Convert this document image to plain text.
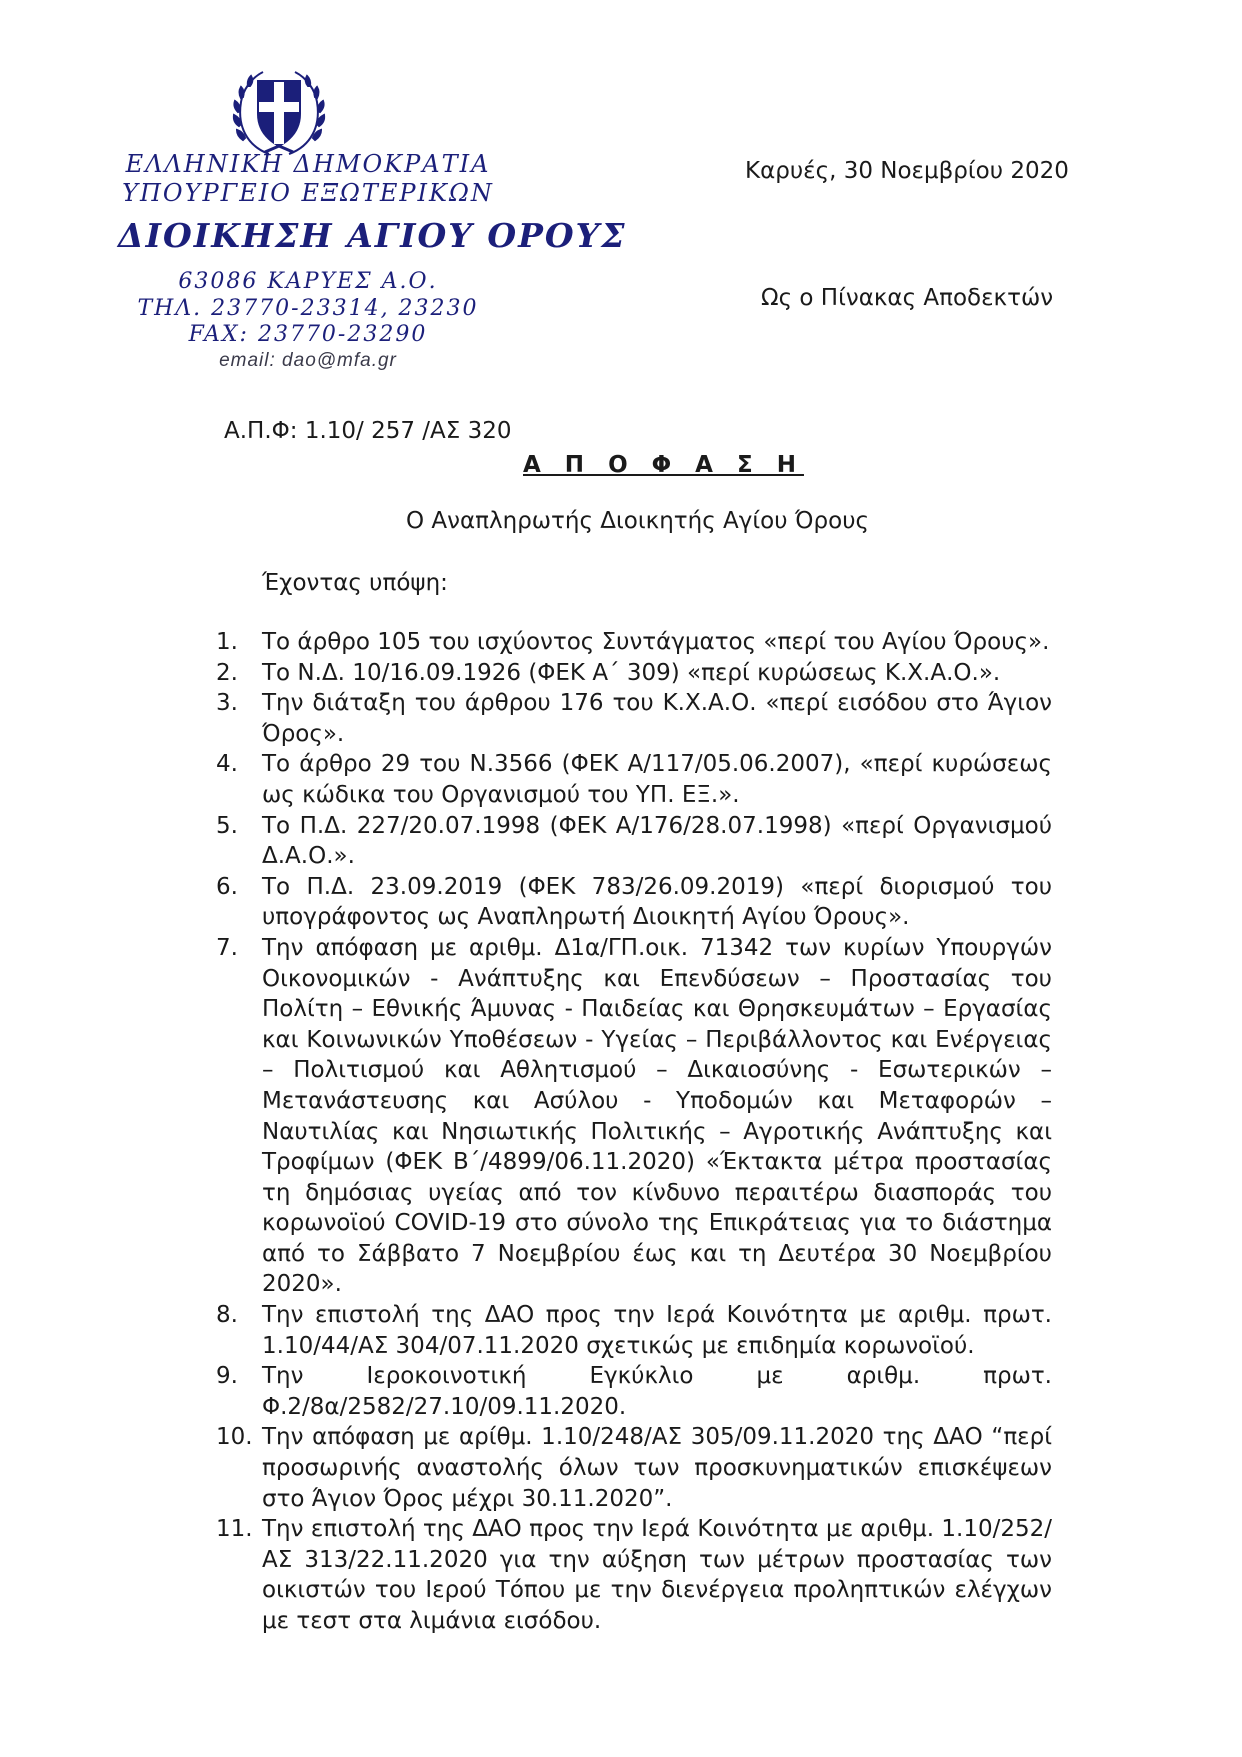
ΕΛΛΗΝΙΚΗ ΔΗΜΟΚΡΑΤΙΑ
ΥΠΟΥΡΓΕΙΟ ΕΞΩΤΕΡΙΚΩΝ
ΔΙΟΙΚΗΣΗ ΑΓΙΟΥ ΟΡΟΥΣ
63086 ΚΑΡΥΕΣ Α.Ο.
ΤΗΛ. 23770-23314, 23230
FAX: 23770-23290
email: dao@mfa.gr
Καρυές, 30 Νοεμβρίου 2020
Ως ο Πίνακας Αποδεκτών
Α.Π.Φ: 1.10/ 257 /ΑΣ 320
Α Π Ο Φ Α Σ Η
Ο Αναπληρωτής Διοικητής Αγίου Όρους
Έχοντας υπόψη:
1.	Το άρθρο 105 του ισχύοντος Συντάγματος «περί του Αγίου Όρους».
2.	Το Ν.Δ. 10/16.09.1926 (ΦΕΚ Α΄ 309) «περί κυρώσεως Κ.Χ.Α.Ο.».
3.	Την διάταξη του άρθρου 176 του Κ.Χ.Α.Ο. «περί εισόδου στο Άγιον Όρος».
4.	Το άρθρο 29 του Ν.3566 (ΦΕΚ Α/117/05.06.2007), «περί κυρώσεως ως κώδικα του Οργανισμού του ΥΠ. ΕΞ.».
5.	Το Π.Δ. 227/20.07.1998 (ΦΕΚ Α/176/28.07.1998) «περί Οργανισμού Δ.Α.Ο.».
6.	Το Π.Δ. 23.09.2019 (ΦΕΚ 783/26.09.2019) «περί διορισμού του υπογράφοντος ως Αναπληρωτή Διοικητή Αγίου Όρους».
7.	Την απόφαση με αριθμ. Δ1α/ΓΠ.οικ. 71342 των κυρίων Υπουργών Οικονομικών - Ανάπτυξης και Επενδύσεων – Προστασίας του Πολίτη – Εθνικής Άμυνας - Παιδείας και Θρησκευμάτων – Εργασίας και Κοινωνικών Υποθέσεων - Υγείας – Περιβάλλοντος και Ενέργειας – Πολιτισμού και Αθλητισμού – Δικαιοσύνης - Εσωτερικών – Μετανάστευσης και Ασύλου - Υποδομών και Μεταφορών – Ναυτιλίας και Νησιωτικής Πολιτικής – Αγροτικής Ανάπτυξης και Τροφίμων (ΦΕΚ Β΄/4899/06.11.2020) «Έκτακτα μέτρα προστασίας τη δημόσιας υγείας από τον κίνδυνο περαιτέρω διασποράς του κορωνοϊού COVID-19 στο σύνολο της Επικράτειας για το διάστημα από το Σάββατο 7 Νοεμβρίου έως και τη Δευτέρα 30 Νοεμβρίου 2020».
8.	Την επιστολή της ΔΑΟ προς την Ιερά Κοινότητα με αριθμ. πρωτ. 1.10/44/ΑΣ 304/07.11.2020 σχετικώς με επιδημία κορωνοϊού.
9.	Την Ιεροκοινοτική Εγκύκλιο με αριθμ. πρωτ. Φ.2/8α/2582/27.10/09.11.2020.
10. Την απόφαση με αρίθμ. 1.10/248/ΑΣ 305/09.11.2020 της ΔΑΟ “περί προσωρινής αναστολής όλων των προσκυνηματικών επισκέψεων στο Άγιον Όρος μέχρι 30.11.2020”.
11. Την επιστολή της ΔΑΟ προς την Ιερά Κοινότητα με αριθμ. 1.10/252/ΑΣ 313/22.11.2020 για την αύξηση των μέτρων προστασίας των οικιστών του Ιερού Τόπου με την διενέργεια προληπτικών ελέγχων με τεστ στα λιμάνια εισόδου.
